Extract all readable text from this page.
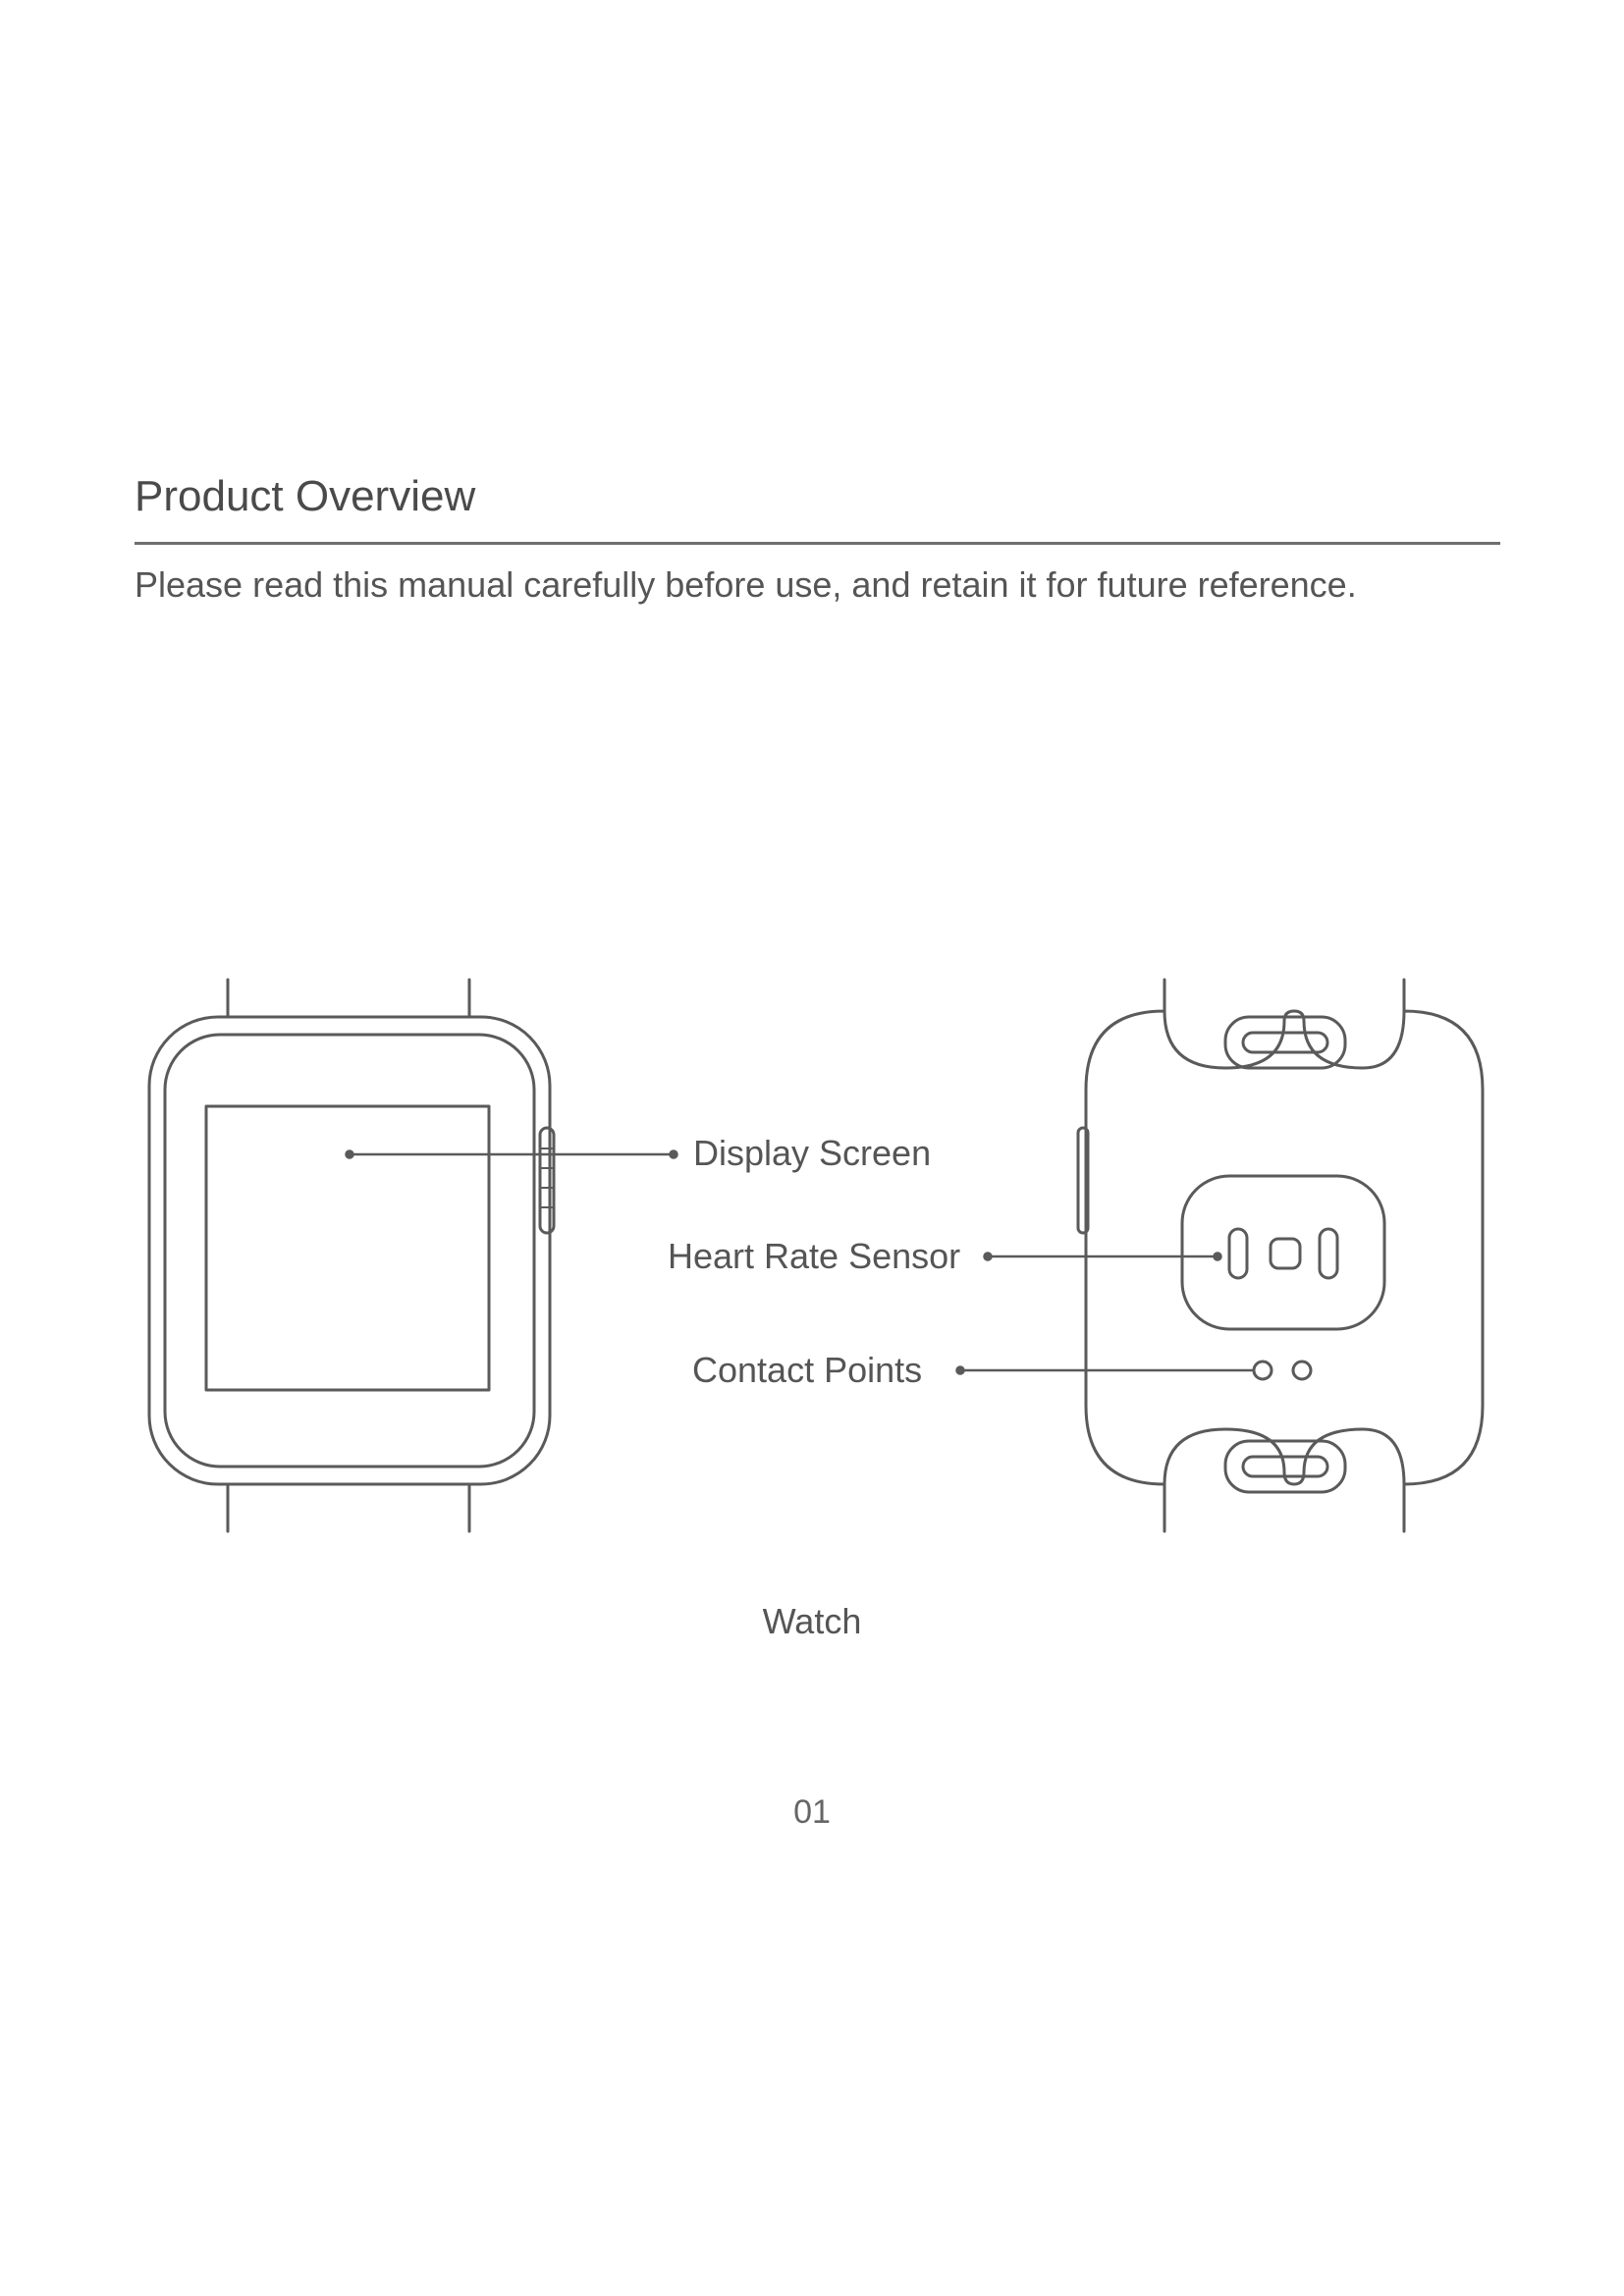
Product Overview

Please read this manual carefully before use, and retain it for future reference.

Display Screen
Heart Rate Sensor
Contact Points
Watch
01
